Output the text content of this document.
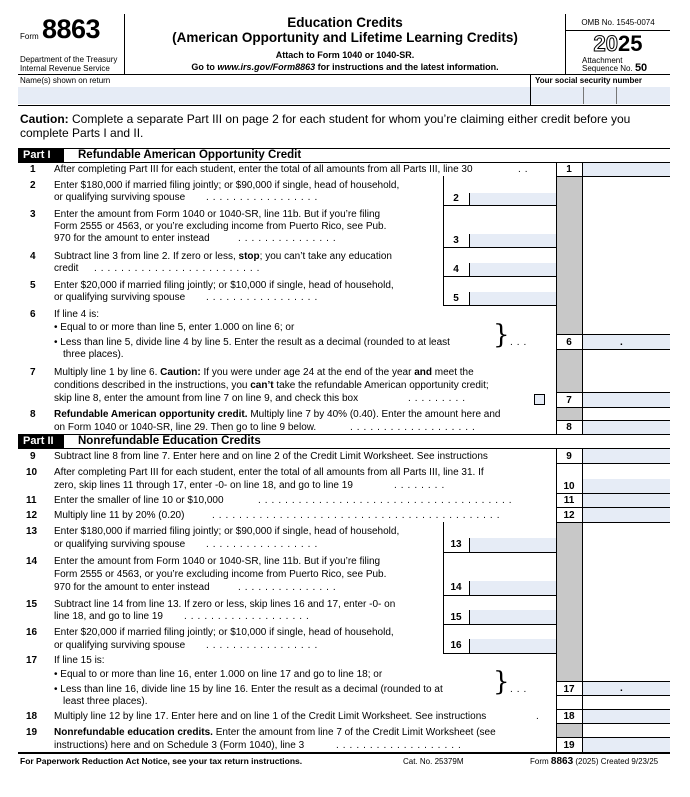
Form 8863
Department of the Treasury
Internal Revenue Service
Education Credits
(American Opportunity and Lifetime Learning Credits)
Attach to Form 1040 or 1040-SR.
Go to www.irs.gov/Form8863 for instructions and the latest information.
OMB No. 1545-0074
2025
Attachment
Sequence No. 50
Name(s) shown on return	Your social security number
Caution: Complete a separate Part III on page 2 for each student for whom you’re claiming either credit before you complete Parts I and II.
Part I	Refundable American Opportunity Credit
1 After completing Part III for each student, enter the total of all amounts from all Parts III, line 30	1
2 Enter $180,000 if married filing jointly; or $90,000 if single, head of household,
or qualifying surviving spouse	2
3 Enter the amount from Form 1040 or 1040-SR, line 11b. But if you’re filing
Form 2555 or 4563, or you’re excluding income from Puerto Rico, see Pub.
970 for the amount to enter instead	3
4 Subtract line 3 from line 2. If zero or less, stop; you can’t take any education
credit	4
5 Enter $20,000 if married filing jointly; or $10,000 if single, head of household,
or qualifying surviving spouse	5
6 If line 4 is:
• Equal to or more than line 5, enter 1.000 on line 6; or
• Less than line 5, divide line 4 by line 5. Enter the result as a decimal (rounded to at least
three places).
} ...	6	.
7 Multiply line 1 by line 6. Caution: If you were under age 24 at the end of the year and meet the
conditions described in the instructions, you can’t take the refundable American opportunity credit;
skip line 8, enter the amount from line 7 on line 9, and check this box	7
8 Refundable American opportunity credit. Multiply line 7 by 40% (0.40). Enter the amount here and
on Form 1040 or 1040-SR, line 29. Then go to line 9 below.	8
Part II	Nonrefundable Education Credits
9 Subtract line 8 from line 7. Enter here and on line 2 of the Credit Limit Worksheet. See instructions	9
10 After completing Part III for each student, enter the total of all amounts from all Parts III, line 31. If
zero, skip lines 11 through 17, enter -0- on line 18, and go to line 19	10
11 Enter the smaller of line 10 or $10,000	11
12 Multiply line 11 by 20% (0.20)	12
13 Enter $180,000 if married filing jointly; or $90,000 if single, head of household,
or qualifying surviving spouse	13
14 Enter the amount from Form 1040 or 1040-SR, line 11b. But if you’re filing
Form 2555 or 4563, or you’re excluding income from Puerto Rico, see Pub.
970 for the amount to enter instead	14
15 Subtract line 14 from line 13. If zero or less, skip lines 16 and 17, enter -0- on
line 18, and go to line 19	15
16 Enter $20,000 if married filing jointly; or $10,000 if single, head of household,
or qualifying surviving spouse	16
17 If line 15 is:
• Equal to or more than line 16, enter 1.000 on line 17 and go to line 18; or
• Less than line 16, divide line 15 by line 16. Enter the result as a decimal (rounded to at
least three places).
} ...	17	.
18 Multiply line 12 by line 17. Enter here and on line 1 of the Credit Limit Worksheet. See instructions	18
19 Nonrefundable education credits. Enter the amount from line 7 of the Credit Limit Worksheet (see
instructions) here and on Schedule 3 (Form 1040), line 3	19
For Paperwork Reduction Act Notice, see your tax return instructions.	Cat. No. 25379M	Form 8863 (2025) Created 9/23/25
..
.................
...............
.........................
.................
.........
...................
........
......................................
...........................................
.................
...............
...................
.................
.
...................
